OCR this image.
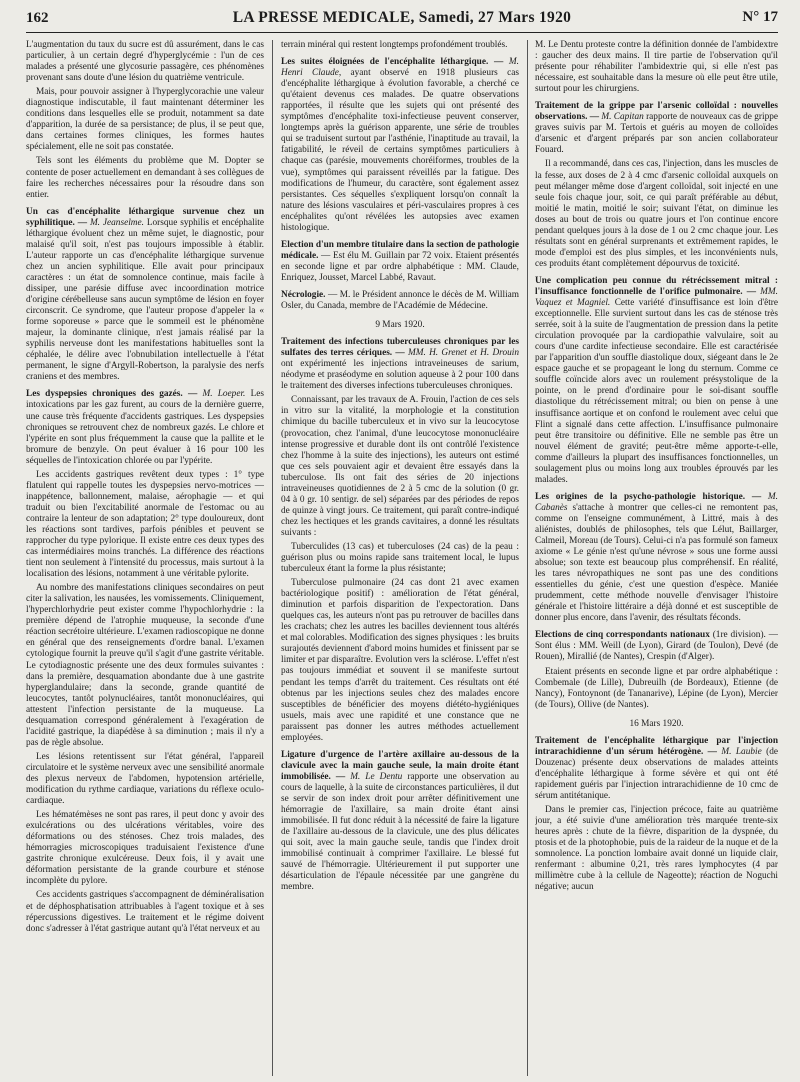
162	LA PRESSE MEDICALE, Samedi, 27 Mars 1920	N° 17

L'augmentation du taux du sucre est dû assurément, dans le cas particulier, à un certain degré d'hyperglycémie : l'un de ces malades a présenté une glycosurie passagère, ces phénomènes provenant sans doute d'une lésion du quatrième ventricule.

Mais, pour pouvoir assigner à l'hyperglycorachie une valeur diagnostique indiscutable, il faut maintenant déterminer les conditions dans lesquelles elle se produit, notamment sa date d'apparition, la durée de sa persistance; de plus, il se peut que, dans certaines formes cliniques, les formes hautes spécialement, elle ne soit pas constatée.

Tels sont les éléments du problème que M. Dopter se contente de poser actuellement en demandant à ses collègues de faire les recherches nécessaires pour la résoudre dans son entier.

Un cas d'encéphalite léthargique survenue chez un syphilitique. — M. Jeanselme. Lorsque syphilis et encéphalite léthargique évoluent chez un même sujet, le diagnostic, pour malaisé qu'il soit, n'est pas toujours impossible à établir. L'auteur rapporte un cas d'encéphalite léthargique survenue chez un ancien syphilitique. Elle avait pour principaux caractères : un état de somnolence continue, mais facile à dissiper, une parésie diffuse avec incoordination motrice d'origine cérébelleuse sans aucun symptôme de lésion en foyer circonscrit. Ce syndrome, que l'auteur propose d'appeler la « forme soporeuse » parce que le sommeil est le phénomène majeur, la dominante clinique, n'est jamais réalisé par la syphilis nerveuse dont les manifestations habituelles sont la céphalée, le délire avec l'obnubilation intellectuelle à l'état permanent, le signe d'Argyll-Robertson, la paralysie des nerfs craniens et des membres.

Les dyspepsies chroniques des gazés. — M. Loeper. Les intoxications par les gaz furent, au cours de la dernière guerre, une cause très fréquente d'accidents gastriques. Les dyspepsies chroniques se retrouvent chez de nombreux gazés. Le chlore et l'ypérite en sont plus fréquemment la cause que la pallite et le bromure de benzyle. On peut évaluer à 16 pour 100 les séquelles de l'intoxication chlorée ou par l'ypérite.

Les accidents gastriques revêtent deux types : 1° type flatulent qui rappelle toutes les dyspepsies nervo-motrices — inappétence, ballonnement, malaise, aérophagie — et qui traduit ou bien l'excitabilité anormale de l'estomac ou au contraire la lenteur de son adaptation; 2° type douloureux, dont les réactions sont tardives, parfois pénibles et peuvent se rapprocher du type pylorique. Il existe entre ces deux types des cas intermédiaires moins tranchés. La différence des réactions tient non seulement à l'intensité du processus, mais surtout à la localisation des lésions, notamment à une véritable pylorite.

Au nombre des manifestations cliniques secondaires on peut citer la salivation, les nausées, les vomissements. Cliniquement, l'hyperchlorhydrie peut exister comme l'hypochlorhydrie : la première dépend de l'atrophie muqueuse, la seconde d'une réaction secrétoire ultérieure. L'examen radioscopique ne donne en général que des renseignements d'ordre banal. L'examen cytologique fournit la preuve qu'il s'agit d'une gastrite véritable. Le cytodiagnostic présente une des deux formules suivantes : dans la première, desquamation abondante due à une gastrite hyperglandulaire; dans la seconde, grande quantité de leucocytes, tantôt polynucléaires, tantôt mononucléaires, qui attestent l'infection persistante de la muqueuse. La desquamation correspond généralement à l'exagération de l'acidité gastrique, la diapédèse à sa diminution ; mais il n'y a pas de règle absolue.

Les lésions retentissent sur l'état général, l'appareil circulatoire et le système nerveux avec une sensibilité anormale des plexus nerveux de l'abdomen, hypotension artérielle, modification du rythme cardiaque, variations du réflexe oculo-cardiaque.

Les hématémèses ne sont pas rares, il peut donc y avoir des exulcérations ou des ulcérations véritables, voire des déformations ou des sténoses. Chez trois malades, des hémorragies microscopiques traduisaient l'existence d'une gastrite chronique exulcéreuse. Deux fois, il y avait une déformation persistante de la grande courbure et sténose incomplète du pylore.

Ces accidents gastriques s'accompagnent de déminéralisation et de déphosphatisation attribuables à l'agent toxique et à ses répercussions digestives. Le traitement et le régime doivent donc s'adresser à l'état gastrique autant qu'à l'état nerveux et au

terrain minéral qui restent longtemps profondément troublés.

Les suites éloignées de l'encéphalite léthargique. — M. Henri Claude, ayant observé en 1918 plusieurs cas d'encéphalite léthargique à évolution favorable, a cherché ce qu'étaient devenus ces malades. De quatre observations rapportées, il résulte que les sujets qui ont présenté des symptômes d'encéphalite toxi-infectieuse peuvent conserver, longtemps après la guérison apparente, une série de troubles qui se traduisent surtout par l'asthénie, l'inaptitude au travail, la fatigabilité, le réveil de certains symptômes particuliers à chaque cas (parésie, mouvements choréiformes, troubles de la vue), symptômes qui paraissent réveillés par la fatigue. Des modifications de l'humeur, du caractère, sont également assez persistantes. Ces séquelles s'expliquent lorsqu'on connaît la nature des lésions vasculaires et péri-vasculaires propres à ces encéphalites qu'ont révélées les autopsies avec examen histologique.

Election d'un membre titulaire dans la section de pathologie médicale. — Est élu M. Guillain par 72 voix. Etaient présentés en seconde ligne et par ordre alphabétique : MM. Claude, Enriquez, Jousset, Marcel Labbé, Ravaut.

Nécrologie. — M. le Président annonce le décès de M. William Osler, du Canada, membre de l'Académie de Médecine.

9 Mars 1920.

Traitement des infections tuberculeuses chroniques par les sulfates des terres cériques. — MM. H. Grenet et H. Drouin ont expérimenté les injections intraveineuses de sarium, néodyme et praséodyme en solution aqueuse à 2 pour 100 dans le traitement des diverses infections tuberculeuses chroniques.

Connaissant, par les travaux de A. Frouin, l'action de ces sels in vitro sur la vitalité, la morphologie et la constitution chimique du bacille tuberculeux et in vivo sur la leucocytose (provocation, chez l'animal, d'une leucocytose mononucléaire intense progressive et durable dont ils ont contrôlé l'existence chez l'homme à la suite des injections), les auteurs ont estimé que ces sels pouvaient agir et devaient être essayés dans la tuberculose. Ils ont fait des séries de 20 injections intraveineuses quotidiennes de 2 à 5 cmc de la solution (0 gr. 04 à 0 gr. 10 sentigr. de sel) séparées par des périodes de repos de quinze à vingt jours. Ce traitement, qui paraît contre-indiqué chez les hectiques et les grands cavitaires, a donné les résultats suivants :

Tuberculides (13 cas) et tuberculoses (24 cas) de la peau : guérison plus ou moins rapide sans traitement local, le lupus tuberculeux étant la forme la plus résistante;

Tuberculose pulmonaire (24 cas dont 21 avec examen bactériologique positif) : amélioration de l'état général, diminution et parfois disparition de l'expectoration. Dans quelques cas, les auteurs n'ont pas pu retrouver de bacilles dans les crachats; chez les autres les bacilles deviennent tous altérés et mal colorables. Modification des signes physiques : les bruits surajoutés deviennent d'abord moins humides et finissent par se limiter et par disparaître. Evolution vers la sclérose. L'effet n'est pas toujours immédiat et souvent il se manifeste surtout pendant les temps d'arrêt du traitement. Ces résultats ont été obtenus par les injections seules chez des malades encore susceptibles de bénéficier des moyens diététo-hygiéniques usuels, mais avec une rapidité et une constance que ne paraissent pas donner les autres méthodes actuellement employées.

Ligature d'urgence de l'artère axillaire au-dessous de la clavicule avec la main gauche seule, la main droite étant immobilisée. — M. Le Dentu rapporte une observation au cours de laquelle, à la suite de circonstances particulières, il dut se servir de son index droit pour arrêter définitivement une hémorragie de l'axillaire, sa main droite étant ainsi immobilisée. Il fut donc réduit à la nécessité de faire la ligature de l'axillaire au-dessous de la clavicule, une des plus délicates qui soit, avec la main gauche seule, tandis que l'index droit immobilisé continuait à comprimer l'axillaire. Le blessé fut sauvé de l'hémorragie. Ultérieurement il put supporter une désarticulation de l'épaule nécessitée par une gangrène du membre.

M. Le Dentu proteste contre la définition donnée de l'ambidextre : gaucher des deux mains. Il tire partie de l'observation qu'il présente pour réhabiliter l'ambidextrie qui, si elle n'est pas nécessaire, est souhaitable dans la mesure où elle peut être utile, surtout pour les chirurgiens.

Traitement de la grippe par l'arsenic colloïdal : nouvelles observations. — M. Capitan rapporte de nouveaux cas de grippe graves suivis par M. Tertois et guéris au moyen de colloïdes d'arsenic et d'argent préparés par son ancien collaborateur Fouard.

Il a recommandé, dans ces cas, l'injection, dans les muscles de la fesse, aux doses de 2 à 4 cmc d'arsenic colloïdal auxquels on peut mélanger même dose d'argent colloïdal, soit injecté en une seule fois chaque jour, soit, ce qui paraît préférable au début, moitié le matin, moitié le soir; suivant l'état, on diminue les doses au bout de trois ou quatre jours et l'on continue encore pendant quelques jours à la dose de 1 ou 2 cmc chaque jour. Les résultats sont en général surprenants et extrêmement rapides, le mode d'emploi est des plus simples, et les inconvénients nuls, ces produits étant complètement dépourvus de toxicité.

Une complication peu connue du rétrécissement mitral : l'insuffisance fonctionnelle de l'orifice pulmonaire. — MM. Vaquez et Magniel. Cette variété d'insuffisance est loin d'être exceptionnelle. Elle survient surtout dans les cas de sténose très serrée, soit à la suite de l'augmentation de pression dans la petite circulation provoquée par la cardiopathie valvulaire, soit au cours d'une cardite infectieuse secondaire. Elle est caractérisée par l'apparition d'un souffle diastolique doux, siégeant dans le 2e espace gauche et se propageant le long du sternum. Comme ce souffle coïncide alors avec un roulement présystolique de la pointe, on le prend d'ordinaire pour le soi-disant souffle diastolique du rétrécissement mitral; ou bien on pense à une insuffisance aortique et on confond le roulement avec celui que Flint a signalé dans cette affection. L'insuffisance pulmonaire peut être transitoire ou définitive. Elle ne semble pas être un nouvel élément de gravité; peut-être même apporte-t-elle, comme d'ailleurs la plupart des insuffisances fonctionnelles, un soulagement plus ou moins long aux troubles éprouvés par les malades.

Les origines de la psycho-pathologie historique. — M. Cabanès s'attache à montrer que celles-ci ne remontent pas, comme on l'enseigne communément, à Littré, mais à des aliénistes, doublés de philosophes, tels que Lélut, Baillarger, Calmeil, Moreau (de Tours). Celui-ci n'a pas formulé son fameux axiome « Le génie n'est qu'une névrose » sous une forme aussi absolue; son texte est beaucoup plus compréhensif. En réalité, les tares névropathiques ne sont pas une des conditions essentielles du génie, c'est une question d'espèce. Maniée prudemment, cette méthode nouvelle d'envisager l'histoire générale et l'histoire littéraire a déjà donné et est susceptible de donner plus encore, dans l'avenir, des résultats féconds.

Elections de cinq correspondants nationaux (1re division). — Sont élus : MM. Weill (de Lyon), Girard (de Toulon), Devé (de Rouen), Mirallié (de Nantes), Crespin (d'Alger).

Etaient présents en seconde ligne et par ordre alphabétique : Combemale (de Lille), Dubreuilh (de Bordeaux), Etienne (de Nancy), Fontoynont (de Tananarive), Lépine (de Lyon), Mercier (de Tours), Ollive (de Nantes).

16 Mars 1920.

Traitement de l'encéphalite léthargique par l'injection intrarachidienne d'un sérum hétérogène. — M. Laubie (de Douzenac) présente deux observations de malades atteints d'encéphalite léthargique à forme sévère et qui ont été rapidement guéris par l'injection intrarachidienne de 10 cmc de sérum antitétanique.

Dans le premier cas, l'injection précoce, faite au quatrième jour, a été suivie d'une amélioration très marquée trente-six heures après : chute de la fièvre, disparition de la dyspnée, du ptosis et de la photophobie, puis de la raideur de la nuque et de la somnolence. La ponction lombaire avait donné un liquide clair, renfermant : albumine 0,21, très rares lymphocytes (4 par millimètre cube à la cellule de Nageotte); réaction de Noguchi négative; aucun
